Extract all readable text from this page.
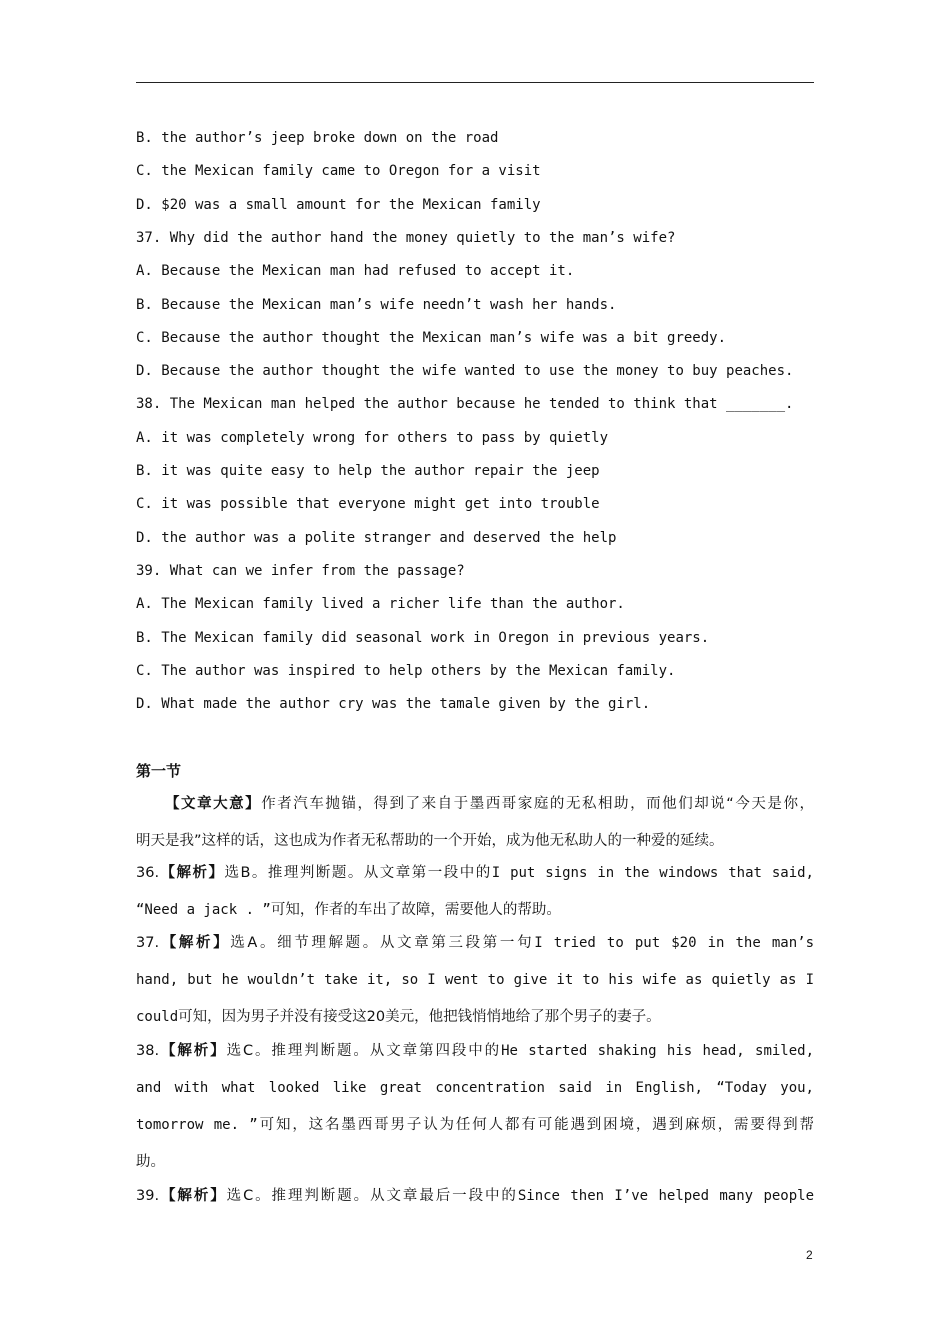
B. the author’s jeep broke down on the road
C. the Mexican family came to Oregon for a visit
D. $20 was a small amount for the Mexican family
37. Why did the author hand the money quietly to the man’s wife?
A. Because the Mexican man had refused to accept it.
B. Because the Mexican man’s wife needn’t wash her hands.
C. Because the author thought the Mexican man’s wife was a bit greedy.
D. Because the author thought the wife wanted to use the money to buy peaches.
38. The Mexican man helped the author because he tended to think that _______.
A. it was completely wrong for others to pass by quietly
B. it was quite easy to help the author repair the jeep
C. it was possible that everyone might get into trouble
D. the author was a polite stranger and deserved the help
39. What can we infer from the passage?
A. The Mexican family lived a richer life than the author.
B. The Mexican family did seasonal work in Oregon in previous years.
C. The author was inspired to help others by the Mexican family.
D. What made the author cry was the tamale given by the girl.
第一节
【文章大意】作者汽车抛锚，得到了来自于墨西哥家庭的无私相助，而他们却说“今天是你，
明天是我”这样的话，这也成为作者无私帮助的一个开始，成为他无私助人的一种爱的延续。
36.【解析】选B。推理判断题。从文章第一段中的I put signs in the windows that said,
“Need a jack . ”可知，作者的车出了故障，需要他人的帮助。
37.【解析】选A。细节理解题。从文章第三段第一句I tried to put $20 in the man’s
hand, but he wouldn’t take it, so I went to give it to his wife as quietly as I
could可知，因为男子并没有接受这20美元，他把钱悄悄地给了那个男子的妻子。
38.【解析】选C。推理判断题。从文章第四段中的He started shaking his head, smiled,
and with what looked like great concentration said in English, “Today you,
tomorrow me. ”可知，这名墨西哥男子认为任何人都有可能遇到困境，遇到麻烦，需要得到帮
助。
39.【解析】选C。推理判断题。从文章最后一段中的Since then I’ve helped many people
2
